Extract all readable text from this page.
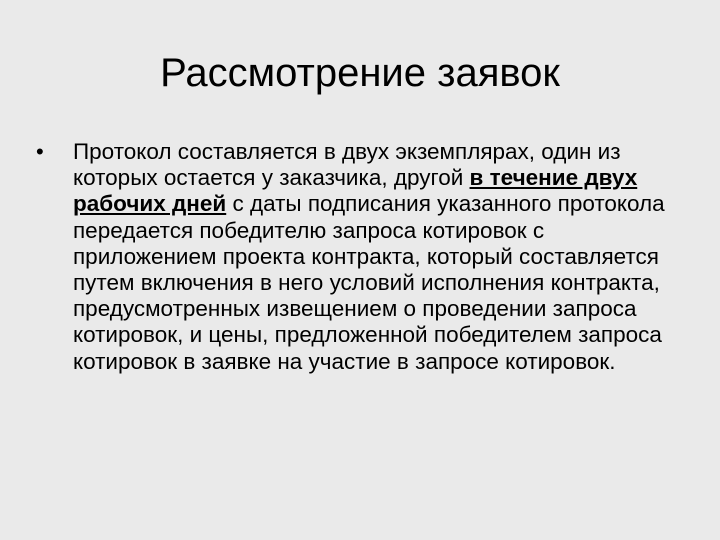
Рассмотрение заявок
• Протокол составляется в двух экземплярах, один из которых остается у заказчика, другой в течение двух рабочих дней с даты подписания указанного протокола передается победителю запроса котировок с приложением проекта контракта, который составляется путем включения в него условий исполнения контракта, предусмотренных извещением о проведении запроса котировок, и цены, предложенной победителем запроса котировок в заявке на участие в запросе котировок.
